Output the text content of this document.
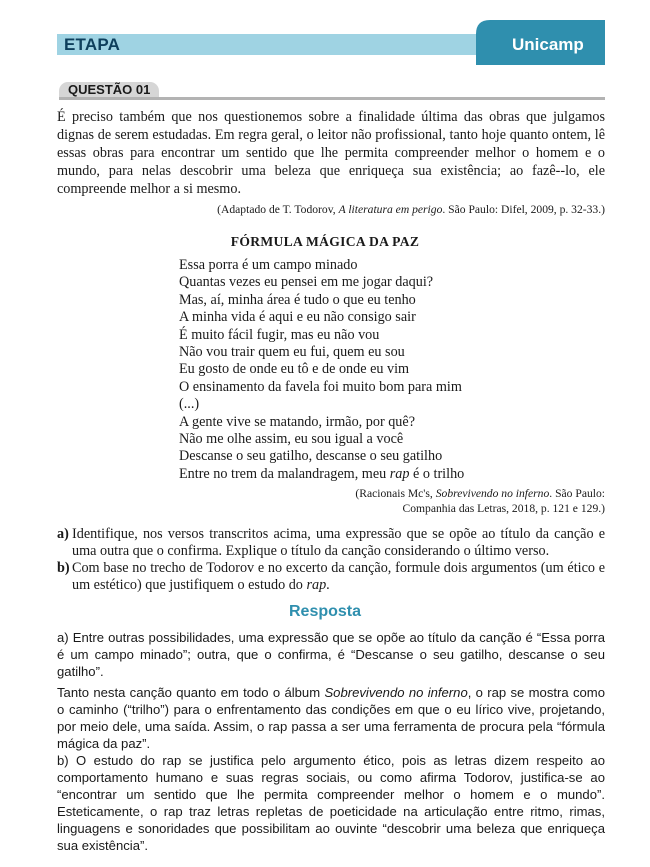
ETAPA	Unicamp
QUESTÃO 01

É preciso também que nos questionemos sobre a finalidade última das obras que julgamos dignas de serem estudadas. Em regra geral, o leitor não profissional, tanto hoje quanto ontem, lê essas obras para encontrar um sentido que lhe permita compreender melhor o homem e o mundo, para nelas descobrir uma beleza que enriqueça sua existência; ao fazê--lo, ele compreende melhor a si mesmo.

(Adaptado de T. Todorov, A literatura em perigo. São Paulo: Difel, 2009, p. 32-33.)

FÓRMULA MÁGICA DA PAZ
Essa porra é um campo minado
Quantas vezes eu pensei em me jogar daqui?
Mas, aí, minha área é tudo o que eu tenho
A minha vida é aqui e eu não consigo sair
É muito fácil fugir, mas eu não vou
Não vou trair quem eu fui, quem eu sou
Eu gosto de onde eu tô e de onde eu vim
O ensinamento da favela foi muito bom para mim
(...)
A gente vive se matando, irmão, por quê?
Não me olhe assim, eu sou igual a você
Descanse o seu gatilho, descanse o seu gatilho
Entre no trem da malandragem, meu rap é o trilho

(Racionais Mc's, Sobrevivendo no inferno. São Paulo:
Companhia das Letras, 2018, p. 121 e 129.)

a) Identifique, nos versos transcritos acima, uma expressão que se opõe ao título da canção e uma outra que o confirma. Explique o título da canção considerando o último verso.
b) Com base no trecho de Todorov e no excerto da canção, formule dois argumentos (um ético e um estético) que justifiquem o estudo do rap.
Resposta

a) Entre outras possibilidades, uma expressão que se opõe ao título da canção é “Essa porra é um campo minado”; outra, que o confirma, é “Descanse o seu gatilho, descanse o seu gatilho”.

Tanto nesta canção quanto em todo o álbum Sobrevivendo no inferno, o rap se mostra como o caminho (“trilho”) para o enfrentamento das condições em que o eu lírico vive, projetando, por meio dele, uma saída. Assim, o rap passa a ser uma ferramenta de procura pela “fórmula mágica da paz”.

b) O estudo do rap se justifica pelo argumento ético, pois as letras dizem respeito ao comportamento humano e suas regras sociais, ou como afirma Todorov, justifica-se ao “encontrar um sentido que lhe permita compreender melhor o homem e o mundo”. Esteticamente, o rap traz letras repletas de poeticidade na articulação entre ritmo, rimas, linguagens e sonoridades que possibilitam ao ouvinte “descobrir uma beleza que enriqueça sua existência”.
